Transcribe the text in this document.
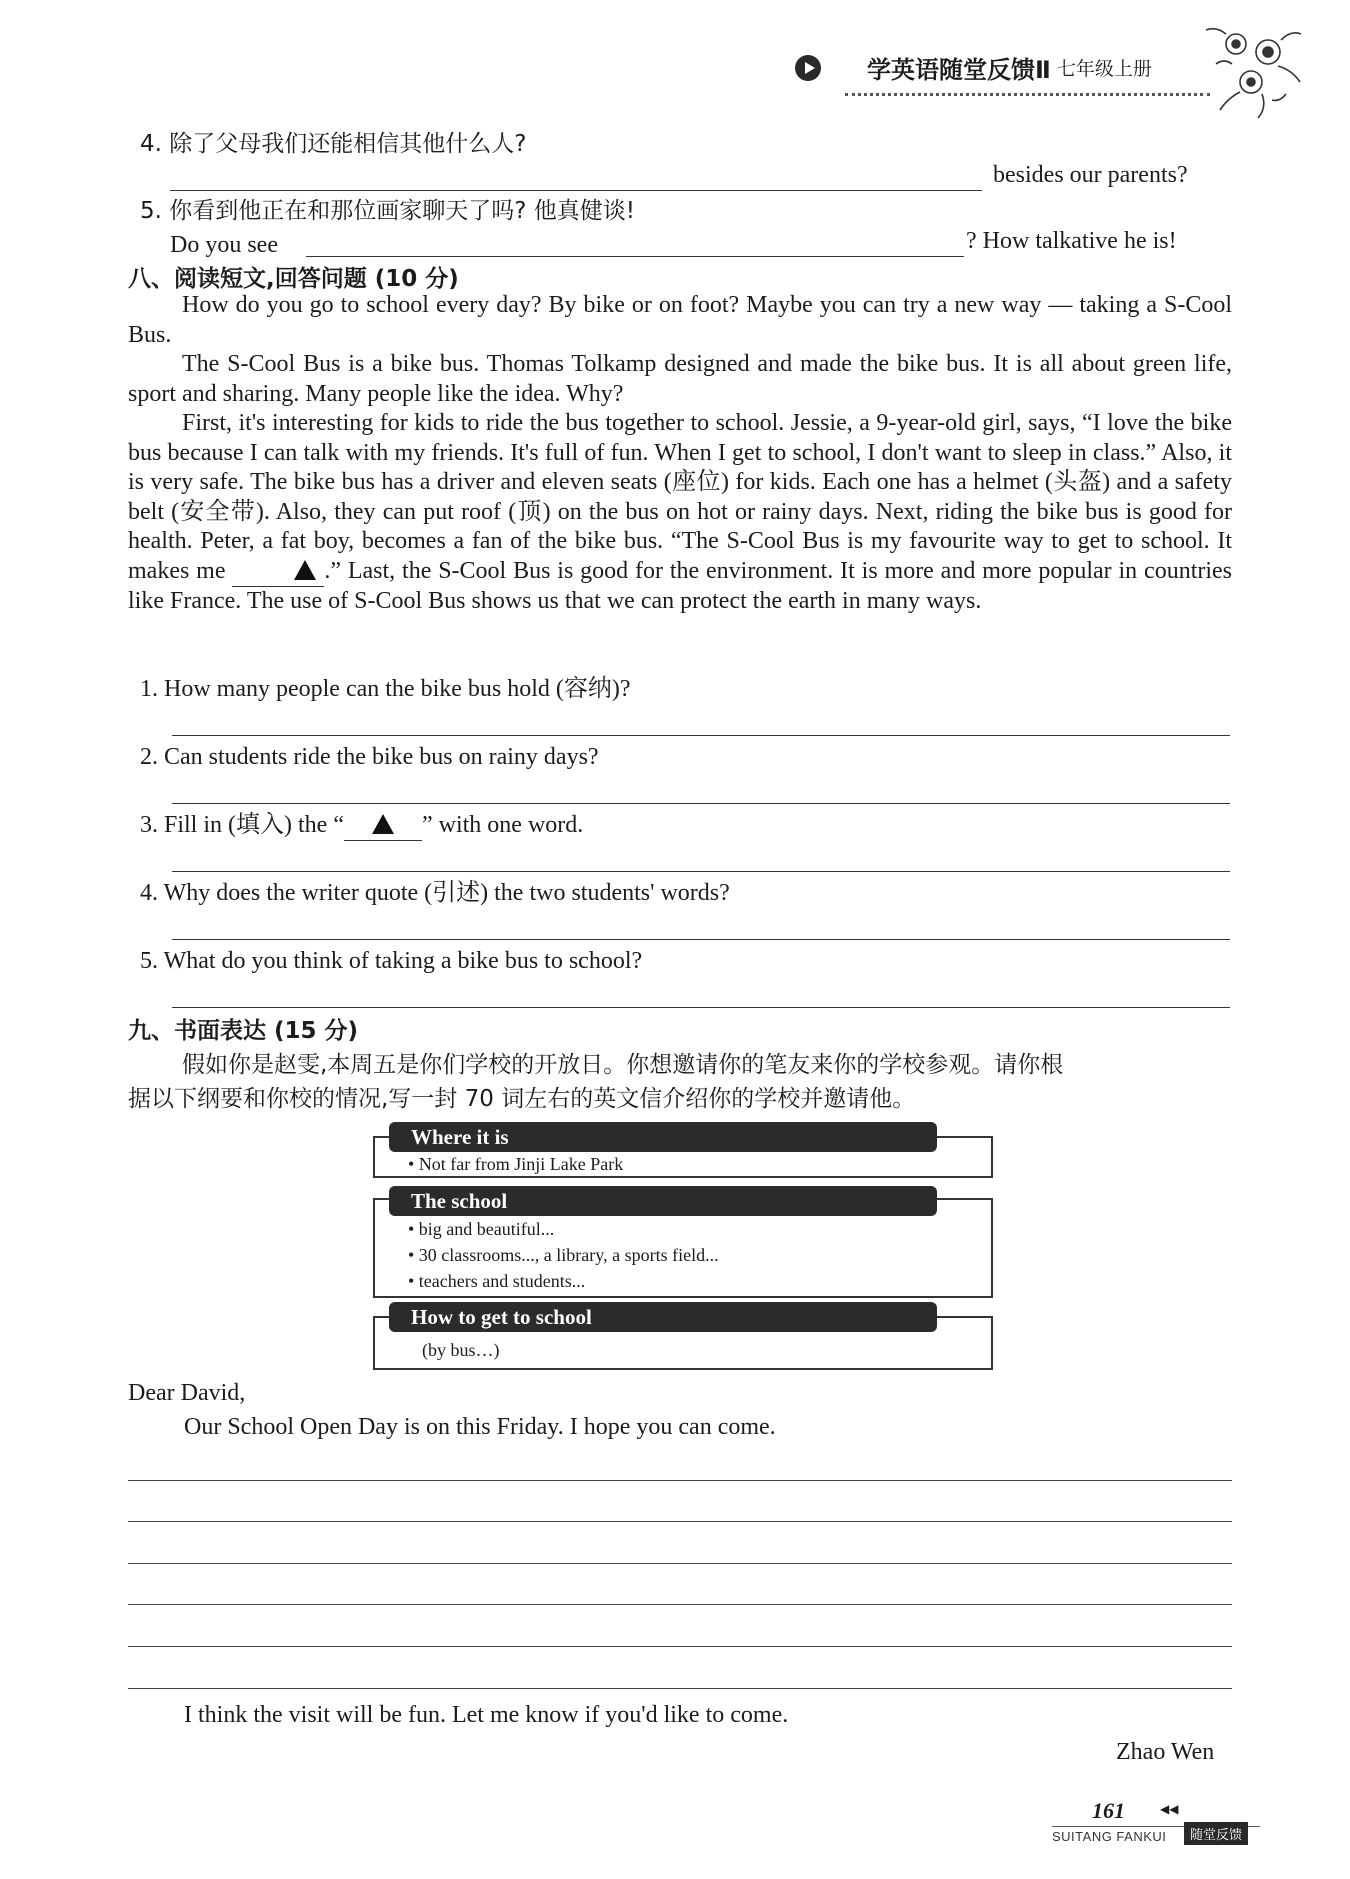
学英语随堂反馈Ⅱ 七年级上册
4. 除了父母我们还能相信其他什么人?
besides our parents?
5. 你看到他正在和那位画家聊天了吗? 他真健谈!
Do you see	? How talkative he is!
八、阅读短文,回答问题 (10 分)

How do you go to school every day? By bike or on foot? Maybe you can try a new way — taking a S-Cool Bus.

The S-Cool Bus is a bike bus. Thomas Tolkamp designed and made the bike bus. It is all about green life, sport and sharing. Many people like the idea. Why?

First, it's interesting for kids to ride the bus together to school. Jessie, a 9-year-old girl, says, “I love the bike bus because I can talk with my friends. It's full of fun. When I get to school, I don't want to sleep in class.” Also, it is very safe. The bike bus has a driver and eleven seats (座位) for kids. Each one has a helmet (头盔) and a safety belt (安全带). Also, they can put roof (顶) on the bus on hot or rainy days. Next, riding the bike bus is good for health. Peter, a fat boy, becomes a fan of the bike bus. “The S-Cool Bus is my favourite way to get to school. It makes me	.” Last, the S-Cool Bus is good for the environment. It is more and more popular in countries like France. The use of S-Cool Bus shows us that we can protect the earth in many ways.

1. How many people can the bike bus hold (容纳)?
2. Can students ride the bike bus on rainy days?
3. Fill in (填入) the “	” with one word.
4. Why does the writer quote (引述) the two students' words?
5. What do you think of taking a bike bus to school?
九、书面表达 (15 分)
假如你是赵雯,本周五是你们学校的开放日。你想邀请你的笔友来你的学校参观。请你根
据以下纲要和你校的情况,写一封 70 词左右的英文信介绍你的学校并邀请他。
Where it is
• Not far from Jinji Lake Park
The school
• big and beautiful...
• 30 classrooms..., a library, a sports field...
• teachers and students...
How to get to school
(by bus…)
Dear David,
Our School Open Day is on this Friday. I hope you can come.
I think the visit will be fun. Let me know if you'd like to come.
Zhao Wen
161	◀◀
SUITANG FANKUI	随堂反馈
